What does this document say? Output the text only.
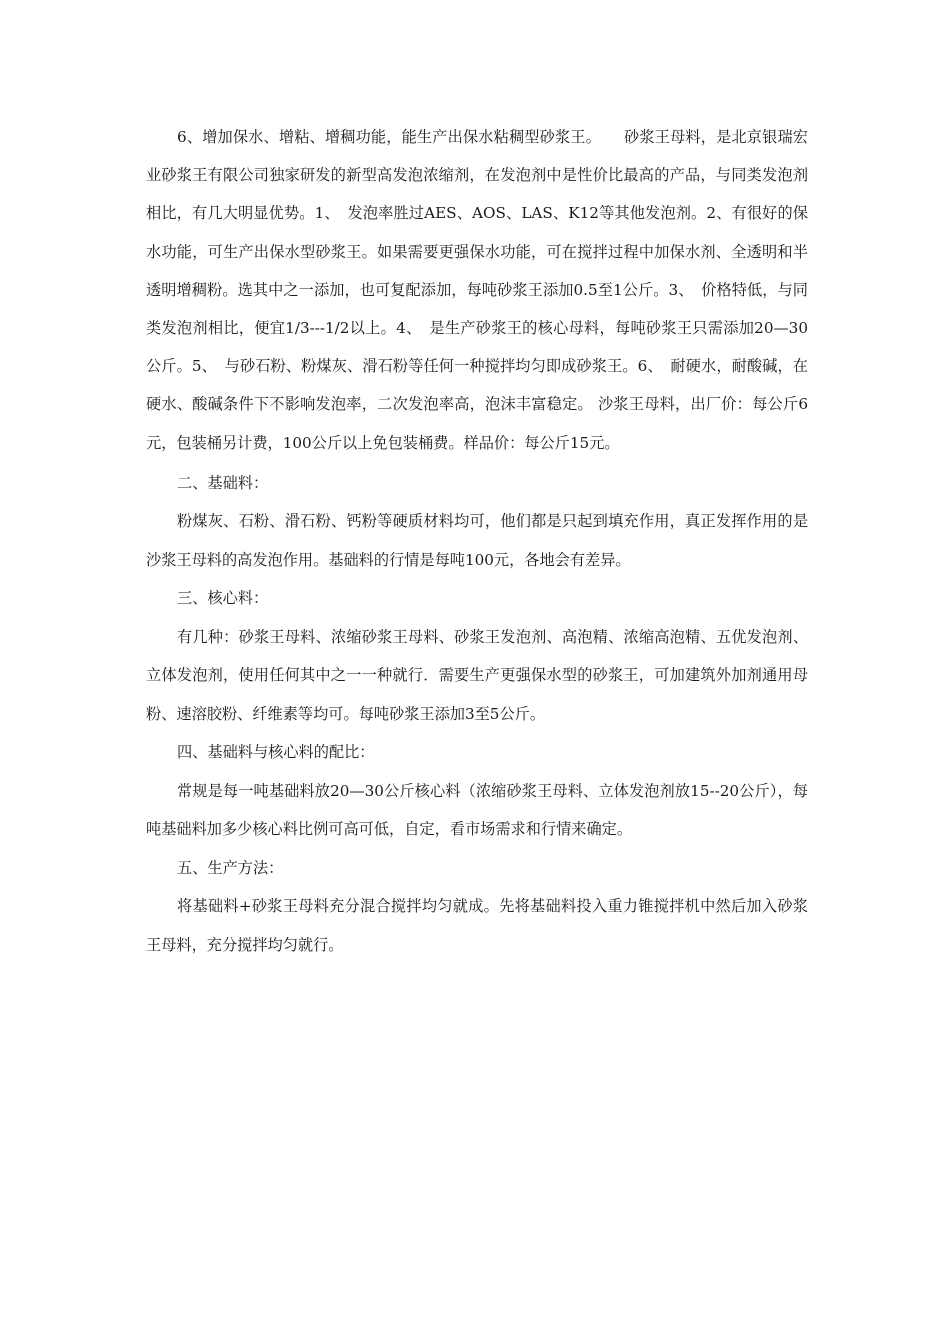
6、增加保水、增粘、增稠功能，能生产出保水粘稠型砂浆王。　　砂浆王母料，是北京银瑞宏业砂浆王有限公司独家研发的新型高发泡浓缩剂，在发泡剂中是性价比最高的产品，与同类发泡剂相比，有几大明显优势。1、　发泡率胜过AES、AOS、LAS、K12等其他发泡剂。2、有很好的保水功能，可生产出保水型砂浆王。如果需要更强保水功能，可在搅拌过程中加保水剂、全透明和半透明增稠粉。选其中之一添加，也可复配添加，每吨砂浆王添加0.5至1公斤。3、　价格特低，与同类发泡剂相比，便宜1/3---1/2以上。4、　是生产砂浆王的核心母料，每吨砂浆王只需添加20—30公斤。5、　与砂石粉、粉煤灰、滑石粉等任何一种搅拌均匀即成砂浆王。6、　耐硬水，耐酸碱，在硬水、酸碱条件下不影响发泡率，二次发泡率高，泡沫丰富稳定。 沙浆王母料，出厂价：每公斤6元，包装桶另计费，100公斤以上免包装桶费。样品价：每公斤15元。

二、基础料：

粉煤灰、石粉、滑石粉、钙粉等硬质材料均可，他们都是只起到填充作用，真正发挥作用的是沙浆王母料的高发泡作用。基础料的行情是每吨100元，各地会有差异。

三、核心料：

有几种：砂浆王母料、浓缩砂浆王母料、砂浆王发泡剂、高泡精、浓缩高泡精、五优发泡剂、立体发泡剂，使用任何其中之一一种就行．需要生产更强保水型的砂浆王，可加建筑外加剂通用母粉、速溶胶粉、纤维素等均可。每吨砂浆王添加3至5公斤。

四、基础料与核心料的配比：

常规是每一吨基础料放20—30公斤核心料（浓缩砂浆王母料、立体发泡剂放15--20公斤），每吨基础料加多少核心料比例可高可低，自定，看市场需求和行情来确定。

五、生产方法：

将基础料+砂浆王母料充分混合搅拌均匀就成。先将基础料投入重力锥搅拌机中然后加入砂浆王母料，充分搅拌均匀就行。
